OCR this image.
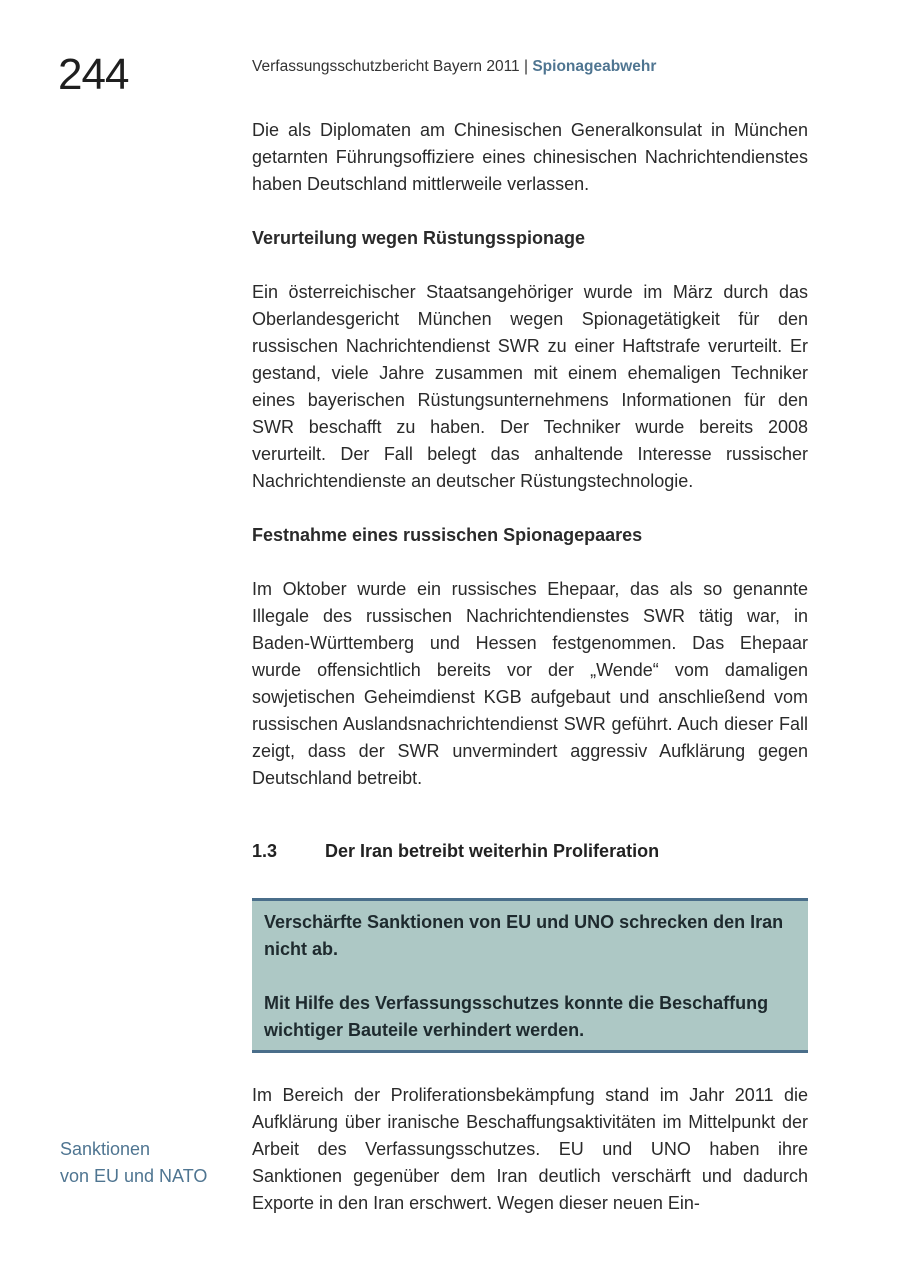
244	Verfassungsschutzbericht Bayern 2011 | Spionageabwehr

Die als Diplomaten am Chinesischen Generalkonsulat in München getarnten Führungsoffiziere eines chinesischen Nachrichtendienstes haben Deutschland mittlerweile verlassen.

Verurteilung wegen Rüstungsspionage

Ein österreichischer Staatsangehöriger wurde im März durch das Oberlandesgericht München wegen Spionagetätigkeit für den russischen Nachrichtendienst SWR zu einer Haftstrafe verurteilt. Er gestand, viele Jahre zusammen mit einem ehemaligen Techniker eines bayerischen Rüstungsunternehmens Informationen für den SWR beschafft zu haben. Der Techniker wurde bereits 2008 verurteilt. Der Fall belegt das anhaltende Interesse russischer Nachrichtendienste an deutscher Rüstungstechnologie.

Festnahme eines russischen Spionagepaares

Im Oktober wurde ein russisches Ehepaar, das als so genannte Illegale des russischen Nachrichtendienstes SWR tätig war, in Baden-Württemberg und Hessen festgenommen. Das Ehepaar wurde offensichtlich bereits vor der „Wende“ vom damaligen sowjetischen Geheimdienst KGB aufgebaut und anschließend vom russischen Auslandsnachrichtendienst SWR geführt. Auch dieser Fall zeigt, dass der SWR unvermindert aggressiv Aufklärung gegen Deutschland betreibt.

1.3	Der Iran betreibt weiterhin Proliferation

Verschärfte Sanktionen von EU und UNO schrecken den Iran nicht ab.

Mit Hilfe des Verfassungsschutzes konnte die Beschaffung wichtiger Bauteile verhindert werden.

Sanktionen
von EU und NATO

Im Bereich der Proliferationsbekämpfung stand im Jahr 2011 die Aufklärung über iranische Beschaffungsaktivitäten im Mittelpunkt der Arbeit des Verfassungsschutzes. EU und UNO haben ihre Sanktionen gegenüber dem Iran deutlich verschärft und dadurch Exporte in den Iran erschwert. Wegen dieser neuen Ein-
